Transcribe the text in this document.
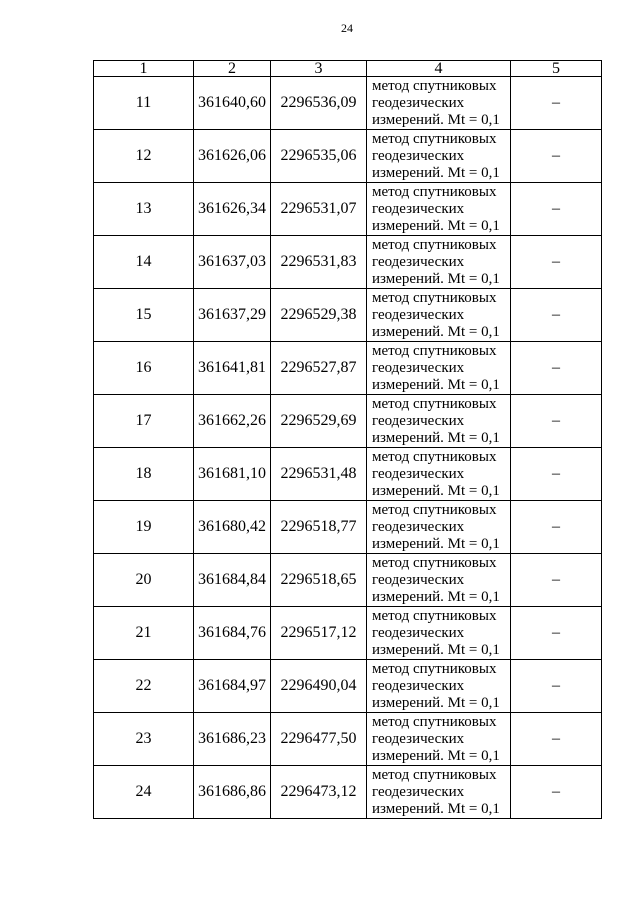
24
1	2	3	4	5
11	361640,60	2296536,09	метод спутниковых
геодезических
измерений. Mt = 0,1	–
12	361626,06	2296535,06	метод спутниковых
геодезических
измерений. Mt = 0,1	–
13	361626,34	2296531,07	метод спутниковых
геодезических
измерений. Mt = 0,1	–
14	361637,03	2296531,83	метод спутниковых
геодезических
измерений. Mt = 0,1	–
15	361637,29	2296529,38	метод спутниковых
геодезических
измерений. Mt = 0,1	–
16	361641,81	2296527,87	метод спутниковых
геодезических
измерений. Mt = 0,1	–
17	361662,26	2296529,69	метод спутниковых
геодезических
измерений. Mt = 0,1	–
18	361681,10	2296531,48	метод спутниковых
геодезических
измерений. Mt = 0,1	–
19	361680,42	2296518,77	метод спутниковых
геодезических
измерений. Mt = 0,1	–
20	361684,84	2296518,65	метод спутниковых
геодезических
измерений. Mt = 0,1	–
21	361684,76	2296517,12	метод спутниковых
геодезических
измерений. Mt = 0,1	–
22	361684,97	2296490,04	метод спутниковых
геодезических
измерений. Mt = 0,1	–
23	361686,23	2296477,50	метод спутниковых
геодезических
измерений. Mt = 0,1	–
24	361686,86	2296473,12	метод спутниковых
геодезических
измерений. Mt = 0,1	–
